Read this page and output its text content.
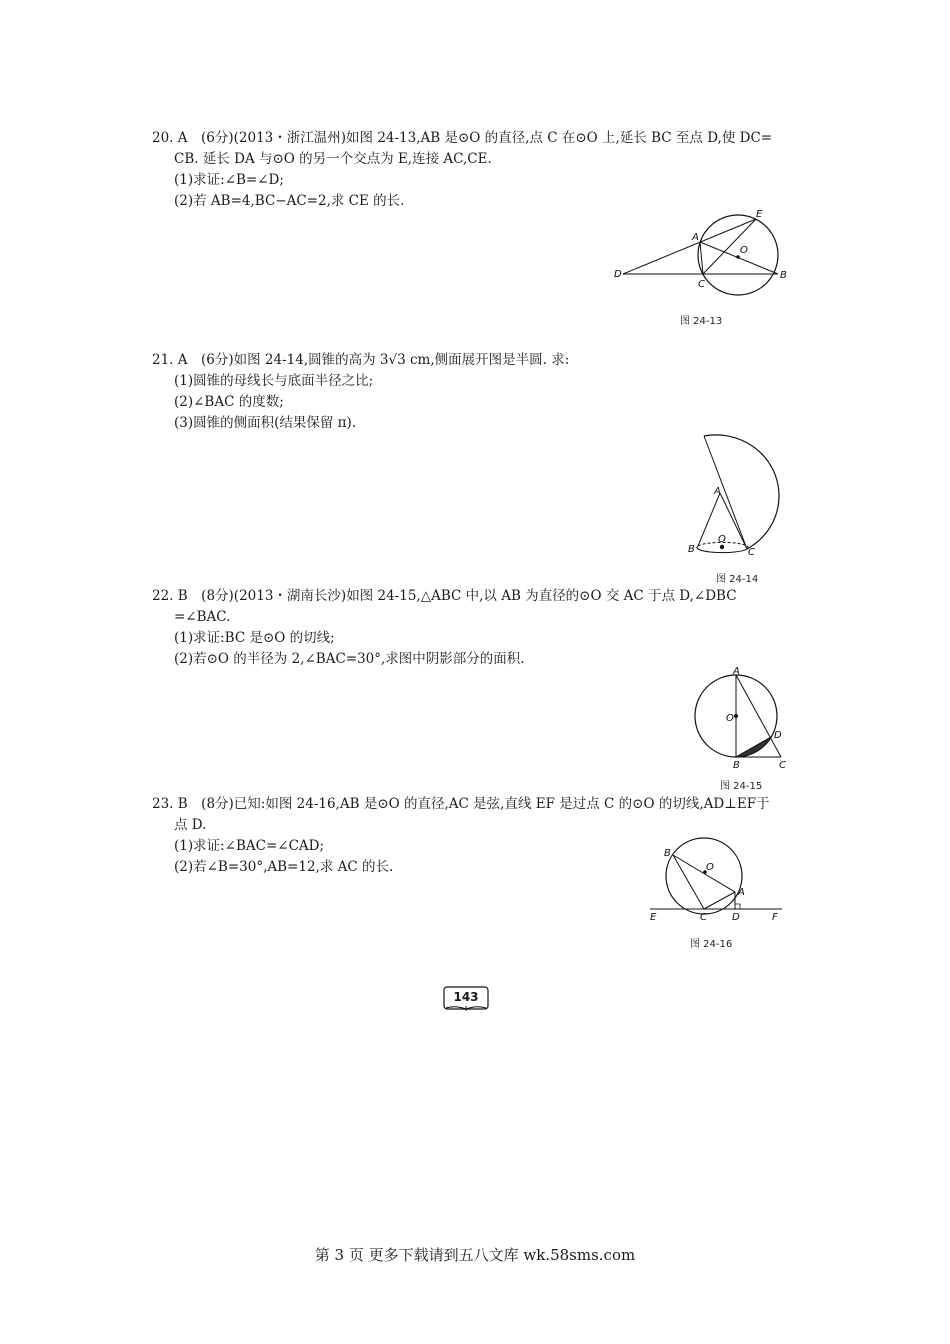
20. A　(6分)(2013・浙江温州)如图 24-13,AB 是⊙O 的直径,点 C 在⊙O 上,延长 BC 至点 D,使 DC=

CB. 延长 DA 与⊙O 的另一个交点为 E,连接 AC,CE.

(1)求证:∠B=∠D;

(2)若 AB=4,BC−AC=2,求 CE 的长.

D
A
C
E
O
B
图 24-13

21. A　(6分)如图 24-14,圆锥的高为 3√3 cm,侧面展开图是半圆. 求:

(1)圆锥的母线长与底面半径之比;

(2)∠BAC 的度数;

(3)圆锥的侧面积(结果保留 π).

A
B
O
C
图 24-14

22. B　(8分)(2013・湖南长沙)如图 24-15,△ABC 中,以 AB 为直径的⊙O 交 AC 于点 D,∠DBC

=∠BAC.

(1)求证:BC 是⊙O 的切线;

(2)若⊙O 的半径为 2,∠BAC=30°,求图中阴影部分的面积.

A
O
D
B	C
图 24-15

23. B　(8分)已知:如图 24-16,AB 是⊙O 的直径,AC 是弦,直线 EF 是过点 C 的⊙O 的切线,AD⊥EF于

点 D.

(1)求证:∠BAC=∠CAD;

(2)若∠B=30°,AB=12,求 AC 的长.

B
O
A
E	C	D	F
图 24-16
143
第 3 页 更多下载请到五八文库 wk.58sms.com
